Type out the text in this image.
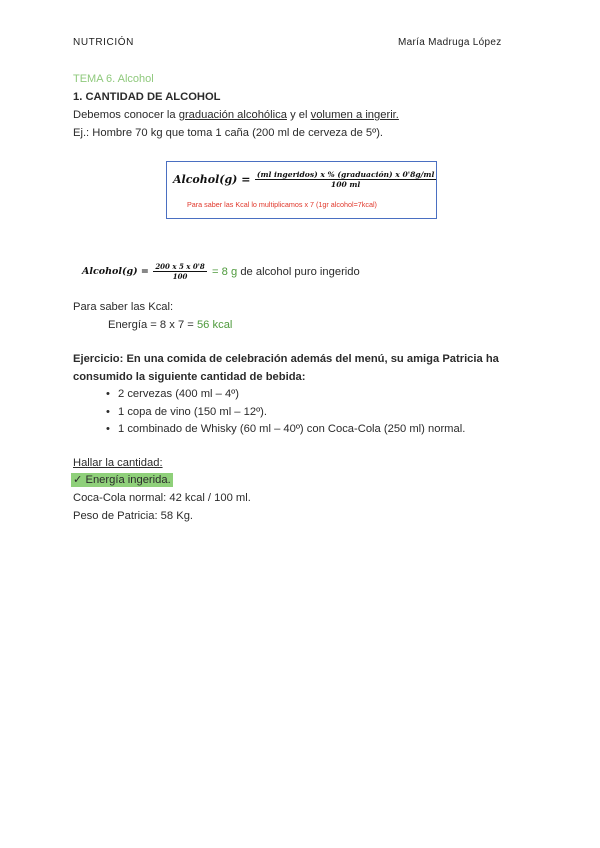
NUTRICIÓN	María Madruga López
TEMA 6. Alcohol
1. CANTIDAD DE ALCOHOL
Debemos conocer la graduación alcohólica y el volumen a ingerir.
Ej.: Hombre 70 kg que toma 1 caña (200 ml de cerveza de 5º).
Alcohol(g) = $\frac{\text{(ml ingeridos) x \% (graduación) x 0'8g/ml}}{100 ml}$
Para saber las Kcal lo multiplicamos x 7 (1gr alcohol=7kcal)
Alcohol(g) = $\frac{200 x 5 x 0'8}{100} = 8$ g de alcohol puro ingerido
Para saber las Kcal:
Energía = 8 x 7 = 56 kcal
Ejercicio: En una comida de celebración además del menú, su amiga Patricia ha
consumido la siguiente cantidad de bebida:
• 2 cervezas (400 ml – 4º)
• 1 copa de vino (150 ml – 12º).
• 1 combinado de Whisky (60 ml – 40º) con Coca-Cola (250 ml) normal.
Hallar la cantidad:
✓ Energía ingerida.
Coca-Cola normal: 42 kcal / 100 ml.
Peso de Patricia: 58 Kg.
